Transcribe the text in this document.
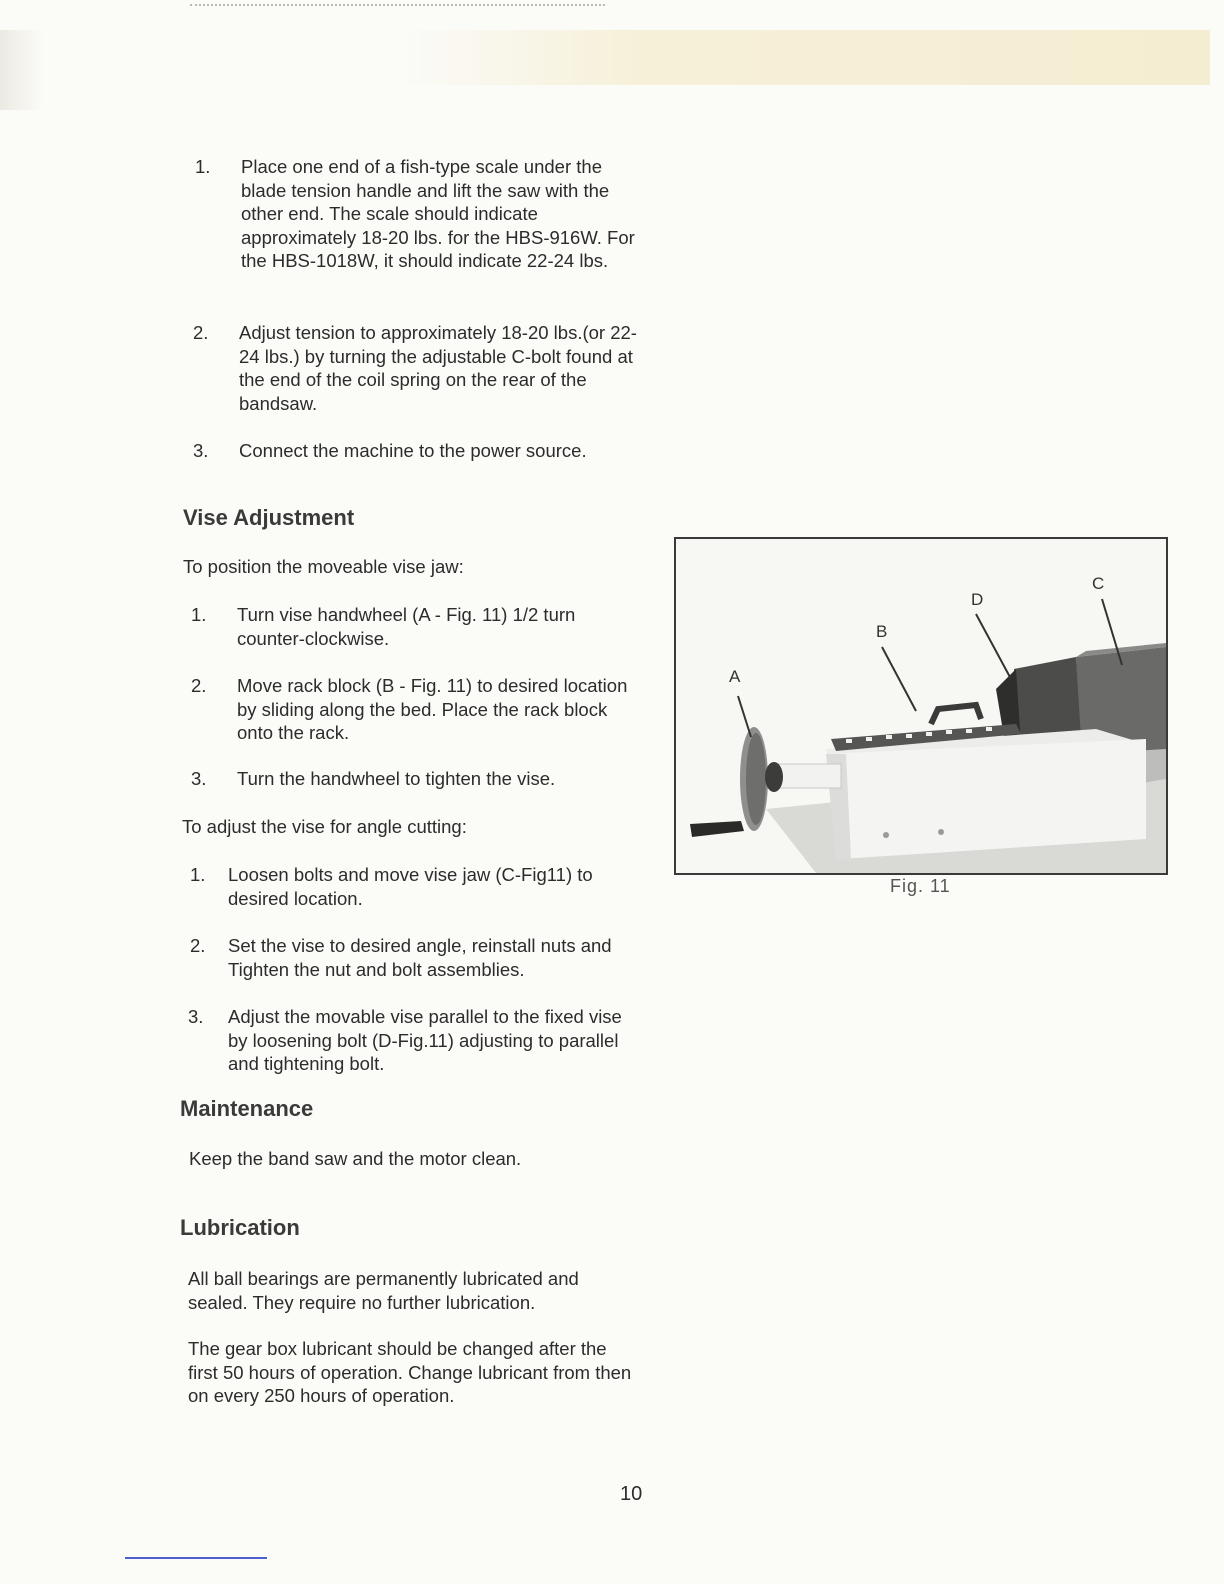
1. Place one end of a fish-type scale under the blade tension handle and lift the saw with the other end. The scale should indicate approximately 18-20 lbs. for the HBS-916W. For the HBS-1018W, it should indicate 22-24 lbs.
2. Adjust tension to approximately 18-20 lbs.(or 22-24 lbs.) by turning the adjustable C-bolt found at the end of the coil spring on the rear of the bandsaw.
3. Connect the machine to the power source.
Vise Adjustment
To position the moveable vise jaw:
1. Turn vise handwheel (A - Fig. 11) 1/2 turn counter-clockwise.
2. Move rack block (B - Fig. 11) to desired location by sliding along the bed. Place the rack block onto the rack.
3. Turn the handwheel to tighten the vise.
To adjust the vise for angle cutting:
1. Loosen bolts and move vise jaw (C-Fig11) to desired location.
2. Set the vise to desired angle, reinstall nuts and Tighten the nut and bolt assemblies.
3. Adjust the movable vise parallel to the fixed vise by loosening bolt (D-Fig.11) adjusting to parallel and tightening bolt.
Maintenance
Keep the band saw and the motor clean.
Lubrication
All ball bearings are permanently lubricated and sealed. They require no further lubrication.
The gear box lubricant should be changed after the first 50 hours of operation. Change lubricant from then on every 250 hours of operation.
A
B
D
C
Fig. 11
10
